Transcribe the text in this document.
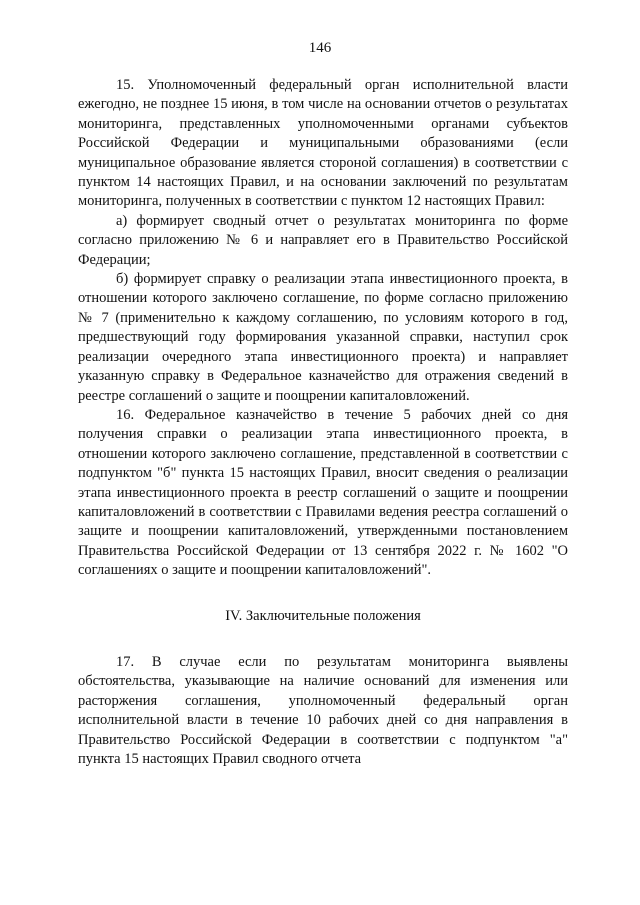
146

15. Уполномоченный федеральный орган исполнительной власти ежегодно, не позднее 15 июня, в том числе на основании отчетов о результатах мониторинга, представленных уполномоченными органами субъектов Российской Федерации и муниципальными образованиями (если муниципальное образование является стороной соглашения) в соответствии с пунктом 14 настоящих Правил, и на основании заключений по результатам мониторинга, полученных в соответствии с пунктом 12 настоящих Правил:

а) формирует сводный отчет о результатах мониторинга по форме согласно приложению № 6 и направляет его в Правительство Российской Федерации;

б) формирует справку о реализации этапа инвестиционного проекта, в отношении которого заключено соглашение, по форме согласно приложению № 7 (применительно к каждому соглашению, по условиям которого в год, предшествующий году формирования указанной справки, наступил срок реализации очередного этапа инвестиционного проекта) и направляет указанную справку в Федеральное казначейство для отражения сведений в реестре соглашений о защите и поощрении капиталовложений.

16. Федеральное казначейство в течение 5 рабочих дней со дня получения справки о реализации этапа инвестиционного проекта, в отношении которого заключено соглашение, представленной в соответствии с подпунктом "б" пункта 15 настоящих Правил, вносит сведения о реализации этапа инвестиционного проекта в реестр соглашений о защите и поощрении капиталовложений в соответствии с Правилами ведения реестра соглашений о защите и поощрении капиталовложений, утвержденными постановлением Правительства Российской Федерации от 13 сентября 2022 г. № 1602 "О соглашениях о защите и поощрении капиталовложений".

IV. Заключительные положения

17. В случае если по результатам мониторинга выявлены обстоятельства, указывающие на наличие оснований для изменения или расторжения соглашения, уполномоченный федеральный орган исполнительной власти в течение 10 рабочих дней со дня направления в Правительство Российской Федерации в соответствии с подпунктом "а" пункта 15 настоящих Правил сводного отчета
